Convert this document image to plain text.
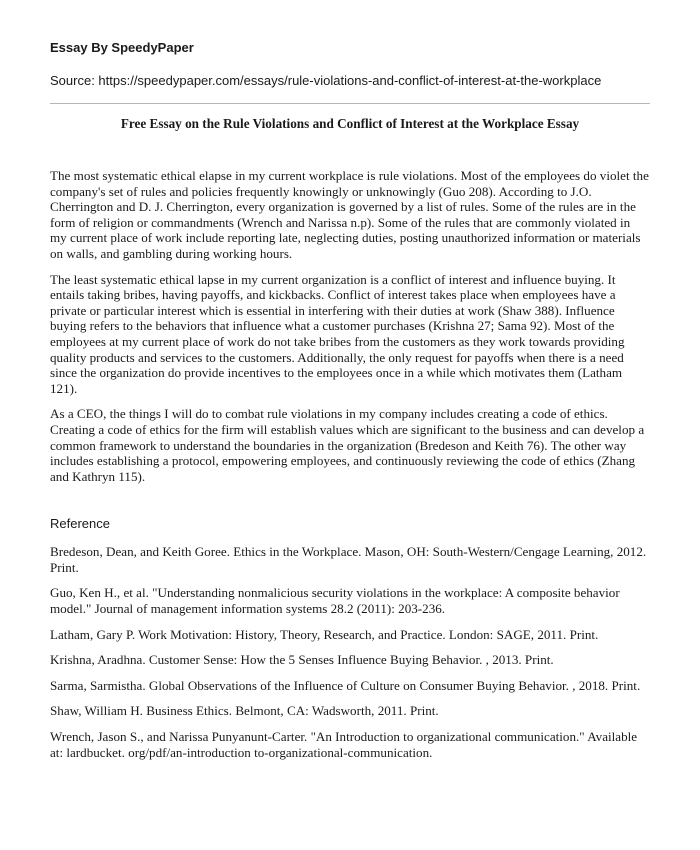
Essay By SpeedyPaper
Source: https://speedypaper.com/essays/rule-violations-and-conflict-of-interest-at-the-workplace
Free Essay on the Rule Violations and Conflict of Interest at the Workplace Essay

The most systematic ethical elapse in my current workplace is rule violations. Most of the employees do violet the company's set of rules and policies frequently knowingly or unknowingly (Guo 208). According to J.O. Cherrington and D. J. Cherrington, every organization is governed by a list of rules. Some of the rules are in the form of religion or commandments (Wrench and Narissa n.p). Some of the rules that are commonly violated in my current place of work include reporting late, neglecting duties, posting unauthorized information or materials on walls, and gambling during working hours.

The least systematic ethical lapse in my current organization is a conflict of interest and influence buying. It entails taking bribes, having payoffs, and kickbacks. Conflict of interest takes place when employees have a private or particular interest which is essential in interfering with their duties at work (Shaw 388). Influence buying refers to the behaviors that influence what a customer purchases (Krishna 27; Sama 92). Most of the employees at my current place of work do not take bribes from the customers as they work towards providing quality products and services to the customers. Additionally, the only request for payoffs when there is a need since the organization do provide incentives to the employees once in a while which motivates them (Latham 121).

As a CEO, the things I will do to combat rule violations in my company includes creating a code of ethics. Creating a code of ethics for the firm will establish values which are significant to the business and can develop a common framework to understand the boundaries in the organization (Bredeson and Keith 76). The other way includes establishing a protocol, empowering employees, and continuously reviewing the code of ethics (Zhang and Kathryn 115).

Reference

Bredeson, Dean, and Keith Goree. Ethics in the Workplace. Mason, OH: South-Western/Cengage Learning, 2012. Print.

Guo, Ken H., et al. "Understanding nonmalicious security violations in the workplace: A composite behavior model." Journal of management information systems 28.2 (2011): 203-236.

Latham, Gary P. Work Motivation: History, Theory, Research, and Practice. London: SAGE, 2011. Print.

Krishna, Aradhna. Customer Sense: How the 5 Senses Influence Buying Behavior. , 2013. Print.

Sarma, Sarmistha. Global Observations of the Influence of Culture on Consumer Buying Behavior. , 2018. Print.

Shaw, William H. Business Ethics. Belmont, CA: Wadsworth, 2011. Print.

Wrench, Jason S., and Narissa Punyanunt-Carter. "An Introduction to organizational communication." Available at: lardbucket. org/pdf/an-introduction to-organizational-communication.
